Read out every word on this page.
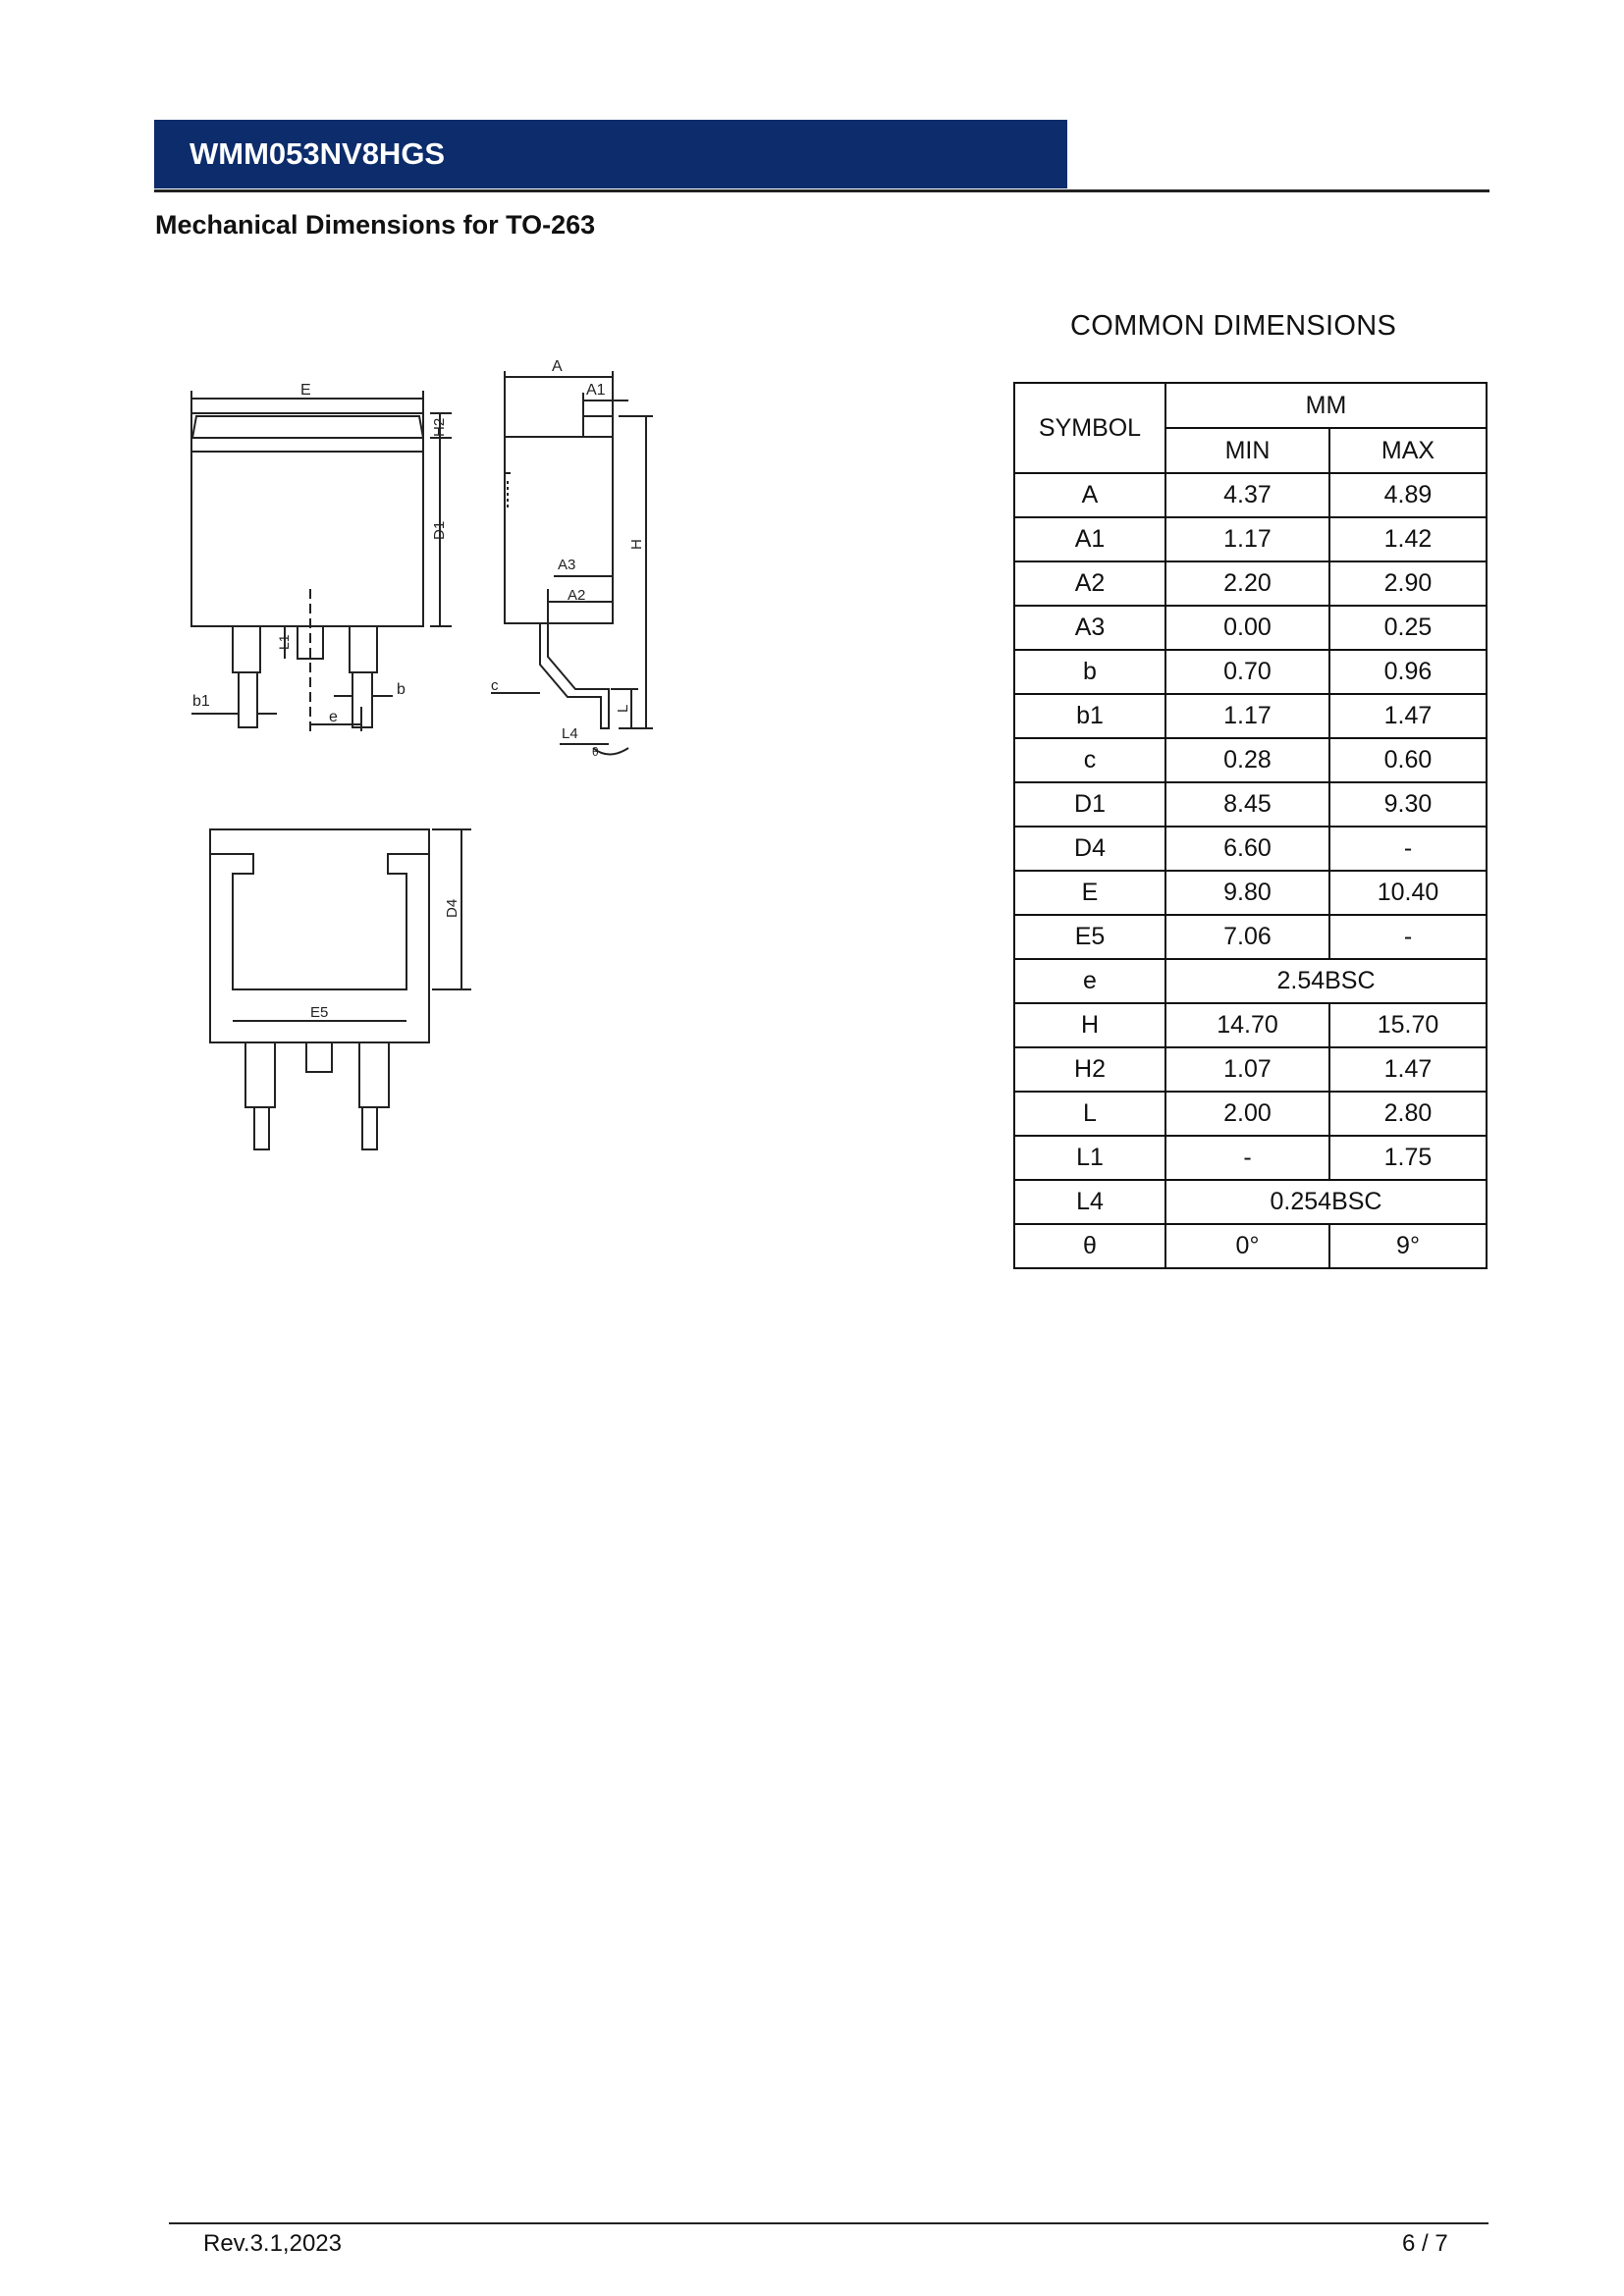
WMM053NV8HGS
Mechanical Dimensions for TO-263
E
H2
D1
L1
b1
b
e
A
A1
A3
A2
H
c
L
L4
θ
D4
E5
COMMON DIMENSIONS
SYMBOL	MM	
	MIN	MAX
A	4.37	4.89
A1	1.17	1.42
A2	2.20	2.90
A3	0.00	0.25
b	0.70	0.96
b1	1.17	1.47
c	0.28	0.60
D1	8.45	9.30
D4	6.60	-
E	9.80	10.40
E5	7.06	-
e	2.54BSC	
H	14.70	15.70
H2	1.07	1.47
L	2.00	2.80
L1	-	1.75
L4	0.254BSC	
θ	0°	9°
Rev.3.1,2023	6 / 7
